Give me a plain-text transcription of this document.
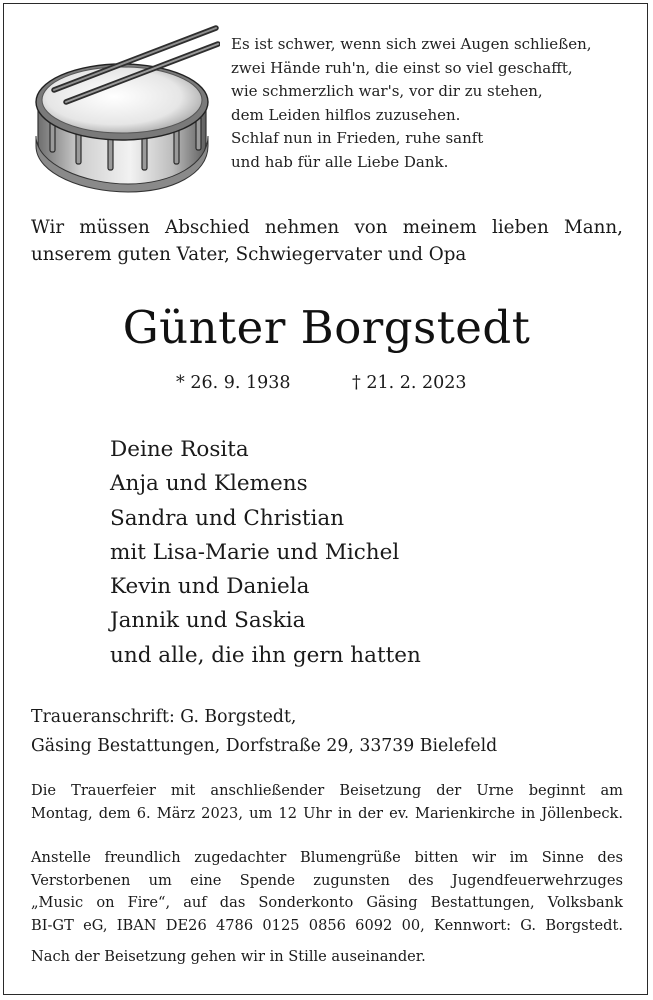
Es ist schwer, wenn sich zwei Augen schließen,
zwei Hände ruh'n, die einst so viel geschafft,
wie schmerzlich war's, vor dir zu stehen,
dem Leiden hilflos zuzusehen.
Schlaf nun in Frieden, ruhe sanft
und hab für alle Liebe Dank.
Wir müssen Abschied nehmen von meinem lieben Mann,
unserem guten Vater, Schwiegervater und Opa
Günter Borgstedt
* 26. 9. 1938	† 21. 2. 2023
Deine Rosita
Anja und Klemens
Sandra und Christian
mit Lisa-Marie und Michel
Kevin und Daniela
Jannik und Saskia
und alle, die ihn gern hatten
Traueranschrift: G. Borgstedt,
Gäsing Bestattungen, Dorfstraße 29, 33739 Bielefeld
Die Trauerfeier mit anschließender Beisetzung der Urne beginnt am
Montag, dem 6. März 2023, um 12 Uhr in der ev. Marienkirche in Jöllenbeck.
Anstelle freundlich zugedachter Blumengrüße bitten wir im Sinne des
Verstorbenen um eine Spende zugunsten des Jugendfeuerwehrzuges
„Music on Fire“, auf das Sonderkonto Gäsing Bestattungen, Volksbank
BI-GT eG, IBAN DE26 4786 0125 0856 6092 00, Kennwort: G. Borgstedt.
Nach der Beisetzung gehen wir in Stille auseinander.
